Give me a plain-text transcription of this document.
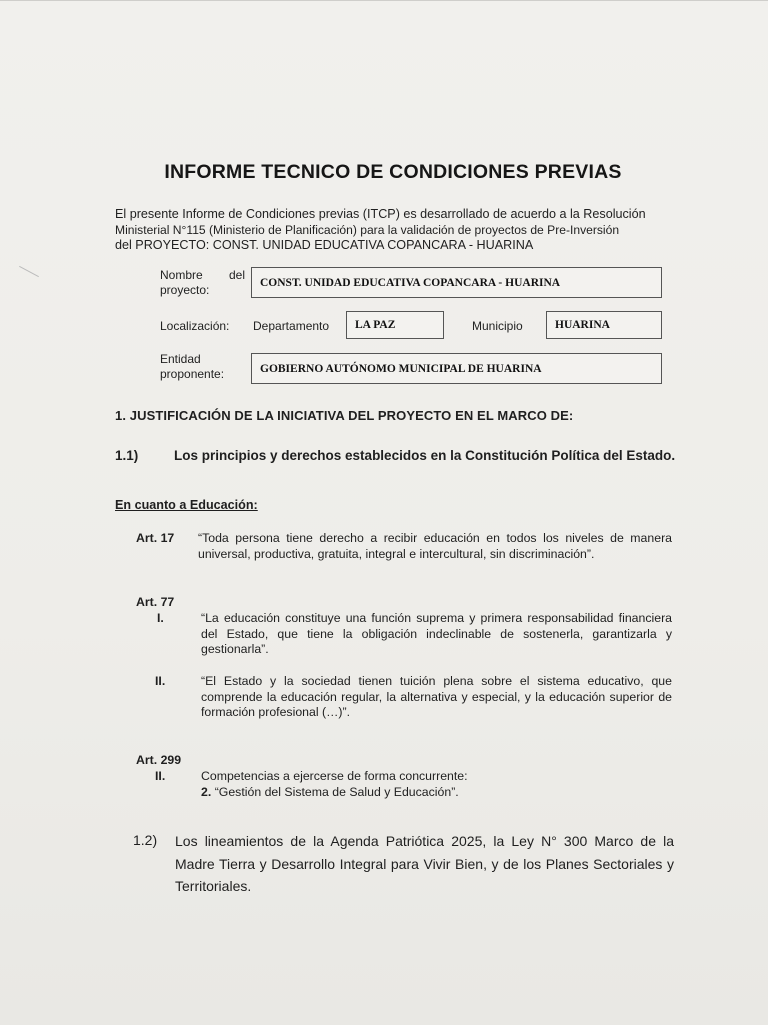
INFORME TECNICO DE CONDICIONES PREVIAS
El presente Informe de Condiciones previas (ITCP) es desarrollado de acuerdo a la Resolución
Ministerial N°115 (Ministerio de Planificación) para la validación de proyectos de Pre-Inversión
del PROYECTO: CONST. UNIDAD EDUCATIVA COPANCARA - HUARINA
Nombre del
proyecto:
CONST. UNIDAD EDUCATIVA COPANCARA - HUARINA
Localización: Departamento	LA PAZ	Municipio	HUARINA
Entidad
proponente:	GOBIERNO AUTÓNOMO MUNICIPAL DE HUARINA
1. JUSTIFICACIÓN DE LA INICIATIVA DEL PROYECTO EN EL MARCO DE:
1.1)	Los principios y derechos establecidos en la Constitución Política del Estado.
En cuanto a Educación:
Art. 17 “Toda persona tiene derecho a recibir educación en todos los niveles de manera universal, productiva, gratuita, integral e intercultural, sin discriminación”.
Art. 77
I.	“La educación constituye una función suprema y primera responsabilidad financiera del Estado, que tiene la obligación indeclinable de sostenerla, garantizarla y gestionarla”.
II.	“El Estado y la sociedad tienen tuición plena sobre el sistema educativo, que comprende la educación regular, la alternativa y especial, y la educación superior de formación profesional (…)”.
Art. 299
II.	Competencias a ejercerse de forma concurrente:
2. “Gestión del Sistema de Salud y Educación”.
1.2) Los lineamientos de la Agenda Patriótica 2025, la Ley N° 300 Marco de la Madre Tierra y Desarrollo Integral para Vivir Bien, y de los Planes Sectoriales y Territoriales.
